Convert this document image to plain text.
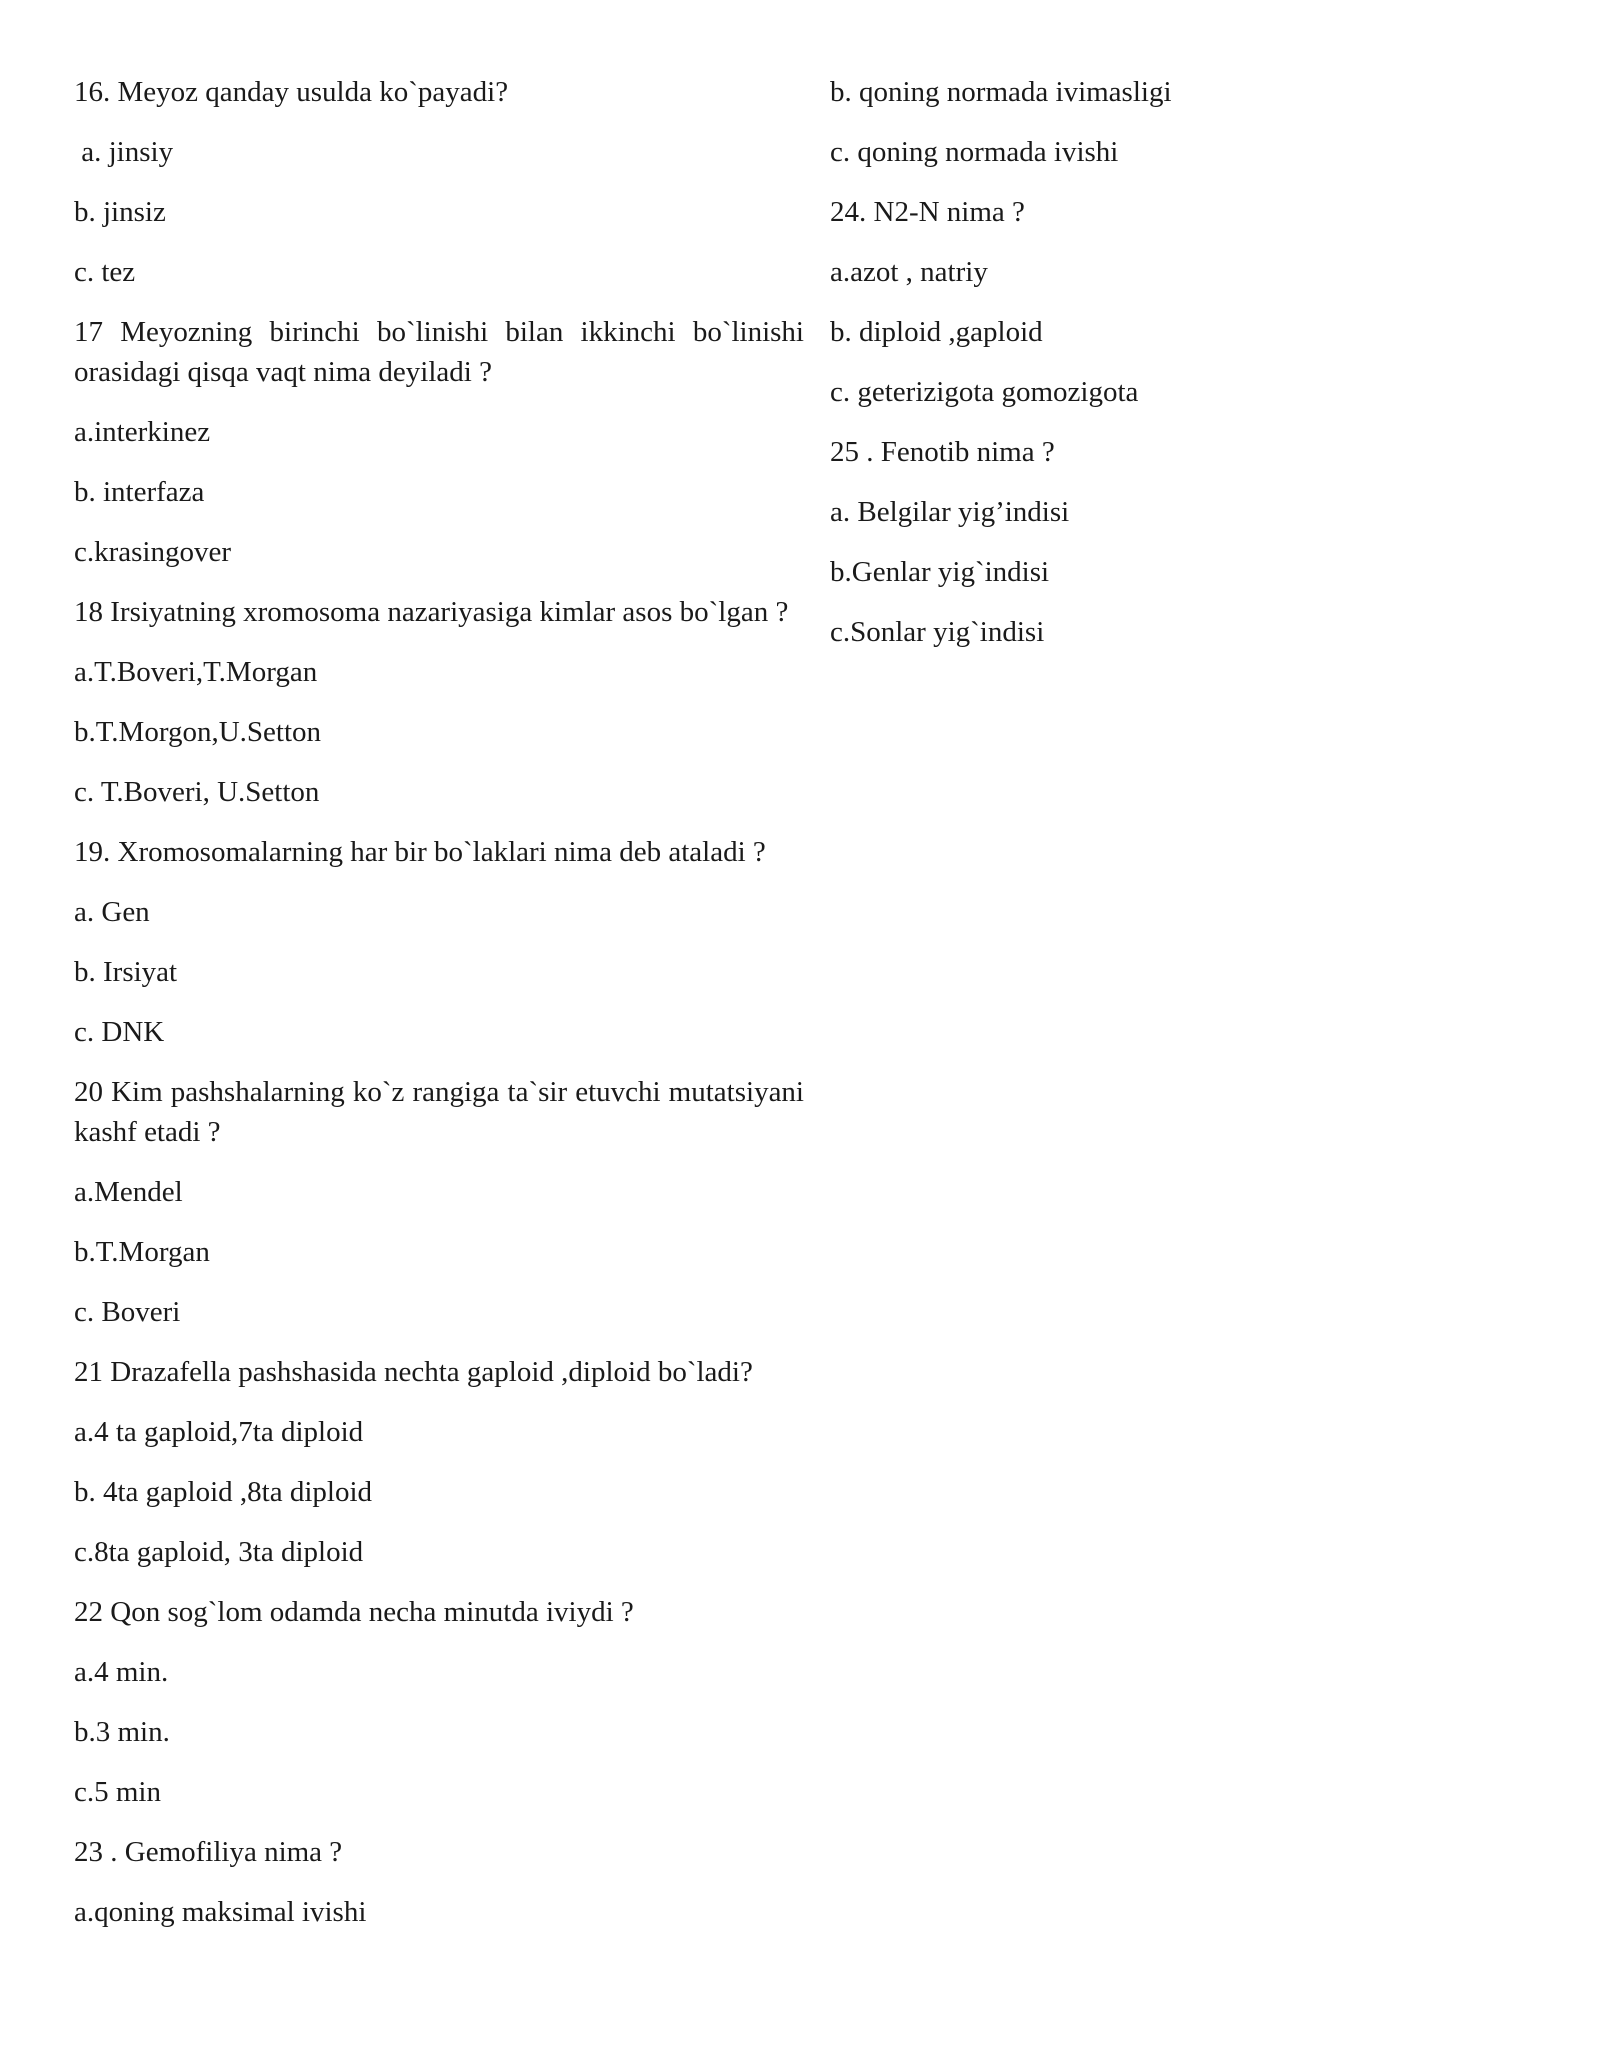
16. Meyoz qanday usulda ko`payadi?

a. jinsiy

b. jinsiz

c. tez

17 Meyozning birinchi bo`linishi bilan ikkinchi bo`linishi orasidagi qisqa vaqt nima deyiladi ?

a.interkinez

b. interfaza

c.krasingover

18 Irsiyatning xromosoma nazariyasiga kimlar asos bo`lgan ?

a.T.Boveri,T.Morgan

b.T.Morgon,U.Setton

c. T.Boveri, U.Setton

19. Xromosomalarning har bir bo`laklari nima deb ataladi ?

a. Gen

b. Irsiyat

c. DNK

20 Kim pashshalarning ko`z rangiga ta`sir etuvchi mutatsiyani kashf etadi ?

a.Mendel

b.T.Morgan

c. Boveri

21 Drazafella pashshasida nechta gaploid ,diploid bo`ladi?

a.4 ta gaploid,7ta diploid

b. 4ta gaploid ,8ta diploid

c.8ta gaploid, 3ta diploid

22 Qon sog`lom odamda necha minutda iviydi ?

a.4 min.

b.3 min.

c.5 min

23 . Gemofiliya nima ?

a.qoning maksimal ivishi

b. qoning normada ivimasligi

c. qoning normada ivishi

24. N2-N nima ?

a.azot , natriy

b. diploid ,gaploid

c. geterizigota gomozigota

25 . Fenotib nima ?

a. Belgilar yig’indisi

b.Genlar yig`indisi

c.Sonlar yig`indisi
